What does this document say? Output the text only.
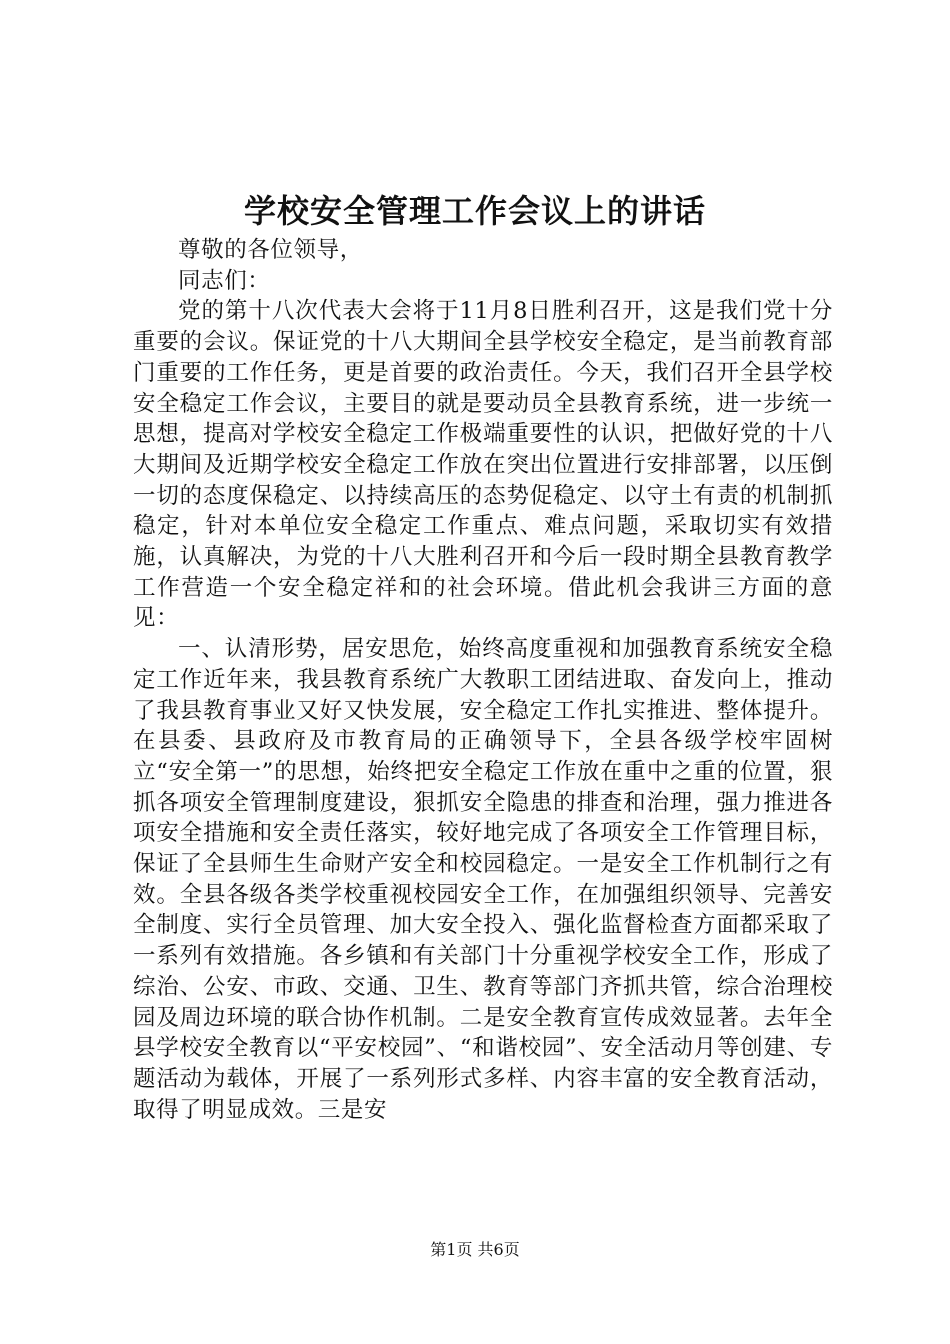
学校安全管理工作会议上的讲话

尊敬的各位领导，

同志们：

党的第十八次代表大会将于11月8日胜利召开，这是我们党十分重要的会议。保证党的十八大期间全县学校安全稳定，是当前教育部门重要的工作任务，更是首要的政治责任。今天，我们召开全县学校安全稳定工作会议，主要目的就是要动员全县教育系统，进一步统一思想，提高对学校安全稳定工作极端重要性的认识，把做好党的十八大期间及近期学校安全稳定工作放在突出位置进行安排部署，以压倒一切的态度保稳定、以持续高压的态势促稳定、以守土有责的机制抓稳定，针对本单位安全稳定工作重点、难点问题，采取切实有效措施，认真解决，为党的十八大胜利召开和今后一段时期全县教育教学工作营造一个安全稳定祥和的社会环境。借此机会我讲三方面的意见：

一、认清形势，居安思危，始终高度重视和加强教育系统安全稳定工作近年来，我县教育系统广大教职工团结进取、奋发向上，推动了我县教育事业又好又快发展，安全稳定工作扎实推进、整体提升。在县委、县政府及市教育局的正确领导下，全县各级学校牢固树立“安全第一”的思想，始终把安全稳定工作放在重中之重的位置，狠抓各项安全管理制度建设，狠抓安全隐患的排查和治理，强力推进各项安全措施和安全责任落实，较好地完成了各项安全工作管理目标，保证了全县师生生命财产安全和校园稳定。一是安全工作机制行之有效。全县各级各类学校重视校园安全工作，在加强组织领导、完善安全制度、实行全员管理、加大安全投入、强化监督检查方面都采取了一系列有效措施。各乡镇和有关部门十分重视学校安全工作，形成了综治、公安、市政、交通、卫生、教育等部门齐抓共管，综合治理校园及周边环境的联合协作机制。二是安全教育宣传成效显著。去年全县学校安全教育以“平安校园”、“和谐校园”、安全活动月等创建、专题活动为载体，开展了一系列形式多样、内容丰富的安全教育活动，取得了明显成效。三是安

第1页 共6页
